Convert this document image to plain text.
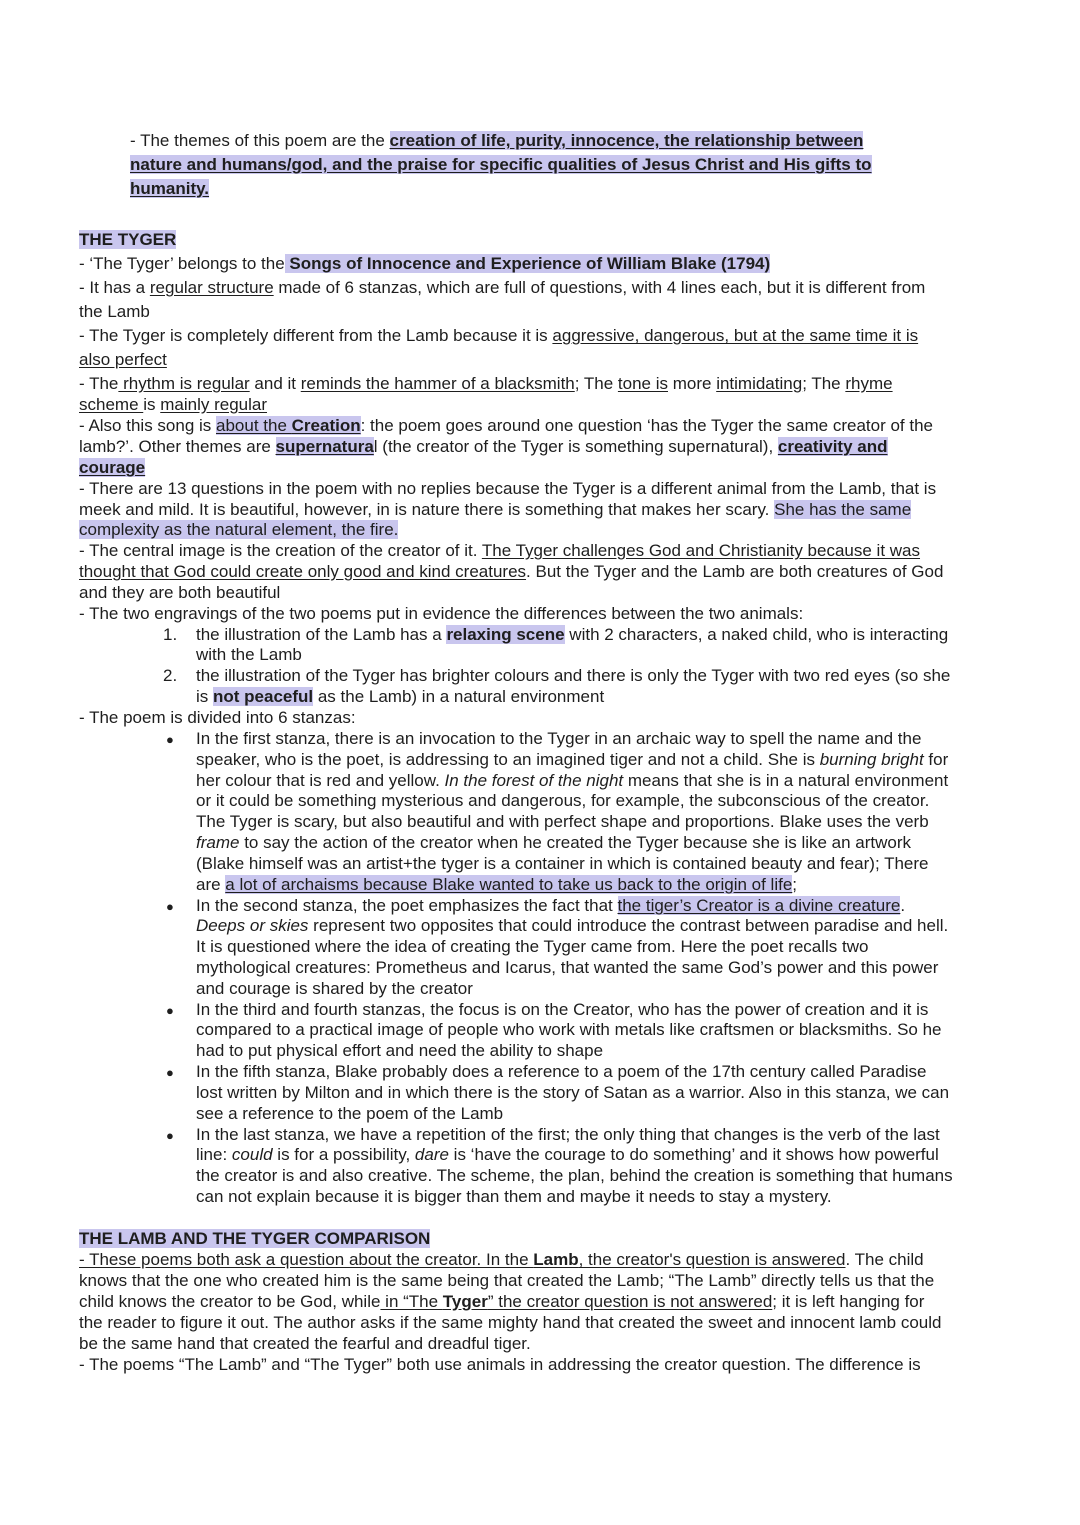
- The themes of this poem are the creation of life, purity, innocence, the relationship between
nature and humans/god, and the praise for specific qualities of Jesus Christ and His gifts to
humanity.
THE TYGER
- ‘The Tyger’ belongs to the Songs of Innocence and Experience of William Blake (1794)
- It has a regular structure made of 6 stanzas, which are full of questions, with 4 lines each, but it is different from
the Lamb
- The Tyger is completely different from the Lamb because it is aggressive, dangerous, but at the same time it is
also perfect
- The rhythm is regular and it reminds the hammer of a blacksmith; The tone is more intimidating; The rhyme
scheme is mainly regular
- Also this song is about the Creation: the poem goes around one question ‘has the Tyger the same creator of the
lamb?’. Other themes are supernatural (the creator of the Tyger is something supernatural), creativity and
courage
- There are 13 questions in the poem with no replies because the Tyger is a different animal from the Lamb, that is
meek and mild. It is beautiful, however, in is nature there is something that makes her scary. She has the same
complexity as the natural element, the fire.
- The central image is the creation of the creator of it. The Tyger challenges God and Christianity because it was
thought that God could create only good and kind creatures. But the Tyger and the Lamb are both creatures of God
and they are both beautiful
- The two engravings of the two poems put in evidence the differences between the two animals:
1. the illustration of the Lamb has a relaxing scene with 2 characters, a naked child, who is interacting
with the Lamb
2. the illustration of the Tyger has brighter colours and there is only the Tyger with two red eyes (so she
is not peaceful as the Lamb) in a natural environment
- The poem is divided into 6 stanzas:
● In the first stanza, there is an invocation to the Tyger in an archaic way to spell the name and the
speaker, who is the poet, is addressing to an imagined tiger and not a child. She is burning bright for
her colour that is red and yellow. In the forest of the night means that she is in a natural environment
or it could be something mysterious and dangerous, for example, the subconscious of the creator.
The Tyger is scary, but also beautiful and with perfect shape and proportions. Blake uses the verb
frame to say the action of the creator when he created the Tyger because she is like an artwork
(Blake himself was an artist+the tyger is a container in which is contained beauty and fear); There
are a lot of archaisms because Blake wanted to take us back to the origin of life;
● In the second stanza, the poet emphasizes the fact that the tiger’s Creator is a divine creature.
Deeps or skies represent two opposites that could introduce the contrast between paradise and hell.
It is questioned where the idea of creating the Tyger came from. Here the poet recalls two
mythological creatures: Prometheus and Icarus, that wanted the same God’s power and this power
and courage is shared by the creator
● In the third and fourth stanzas, the focus is on the Creator, who has the power of creation and it is
compared to a practical image of people who work with metals like craftsmen or blacksmiths. So he
had to put physical effort and need the ability to shape
● In the fifth stanza, Blake probably does a reference to a poem of the 17th century called Paradise
lost written by Milton and in which there is the story of Satan as a warrior. Also in this stanza, we can
see a reference to the poem of the Lamb
● In the last stanza, we have a repetition of the first; the only thing that changes is the verb of the last
line: could is for a possibility, dare is ‘have the courage to do something’ and it shows how powerful
the creator is and also creative. The scheme, the plan, behind the creation is something that humans
can not explain because it is bigger than them and maybe it needs to stay a mystery.
THE LAMB AND THE TYGER COMPARISON
- These poems both ask a question about the creator. In the Lamb, the creator's question is answered. The child
knows that the one who created him is the same being that created the Lamb; “The Lamb” directly tells us that the
child knows the creator to be God, while in “The Tyger” the creator question is not answered; it is left hanging for
the reader to figure it out. The author asks if the same mighty hand that created the sweet and innocent lamb could
be the same hand that created the fearful and dreadful tiger.
- The poems “The Lamb” and “The Tyger” both use animals in addressing the creator question. The difference is
